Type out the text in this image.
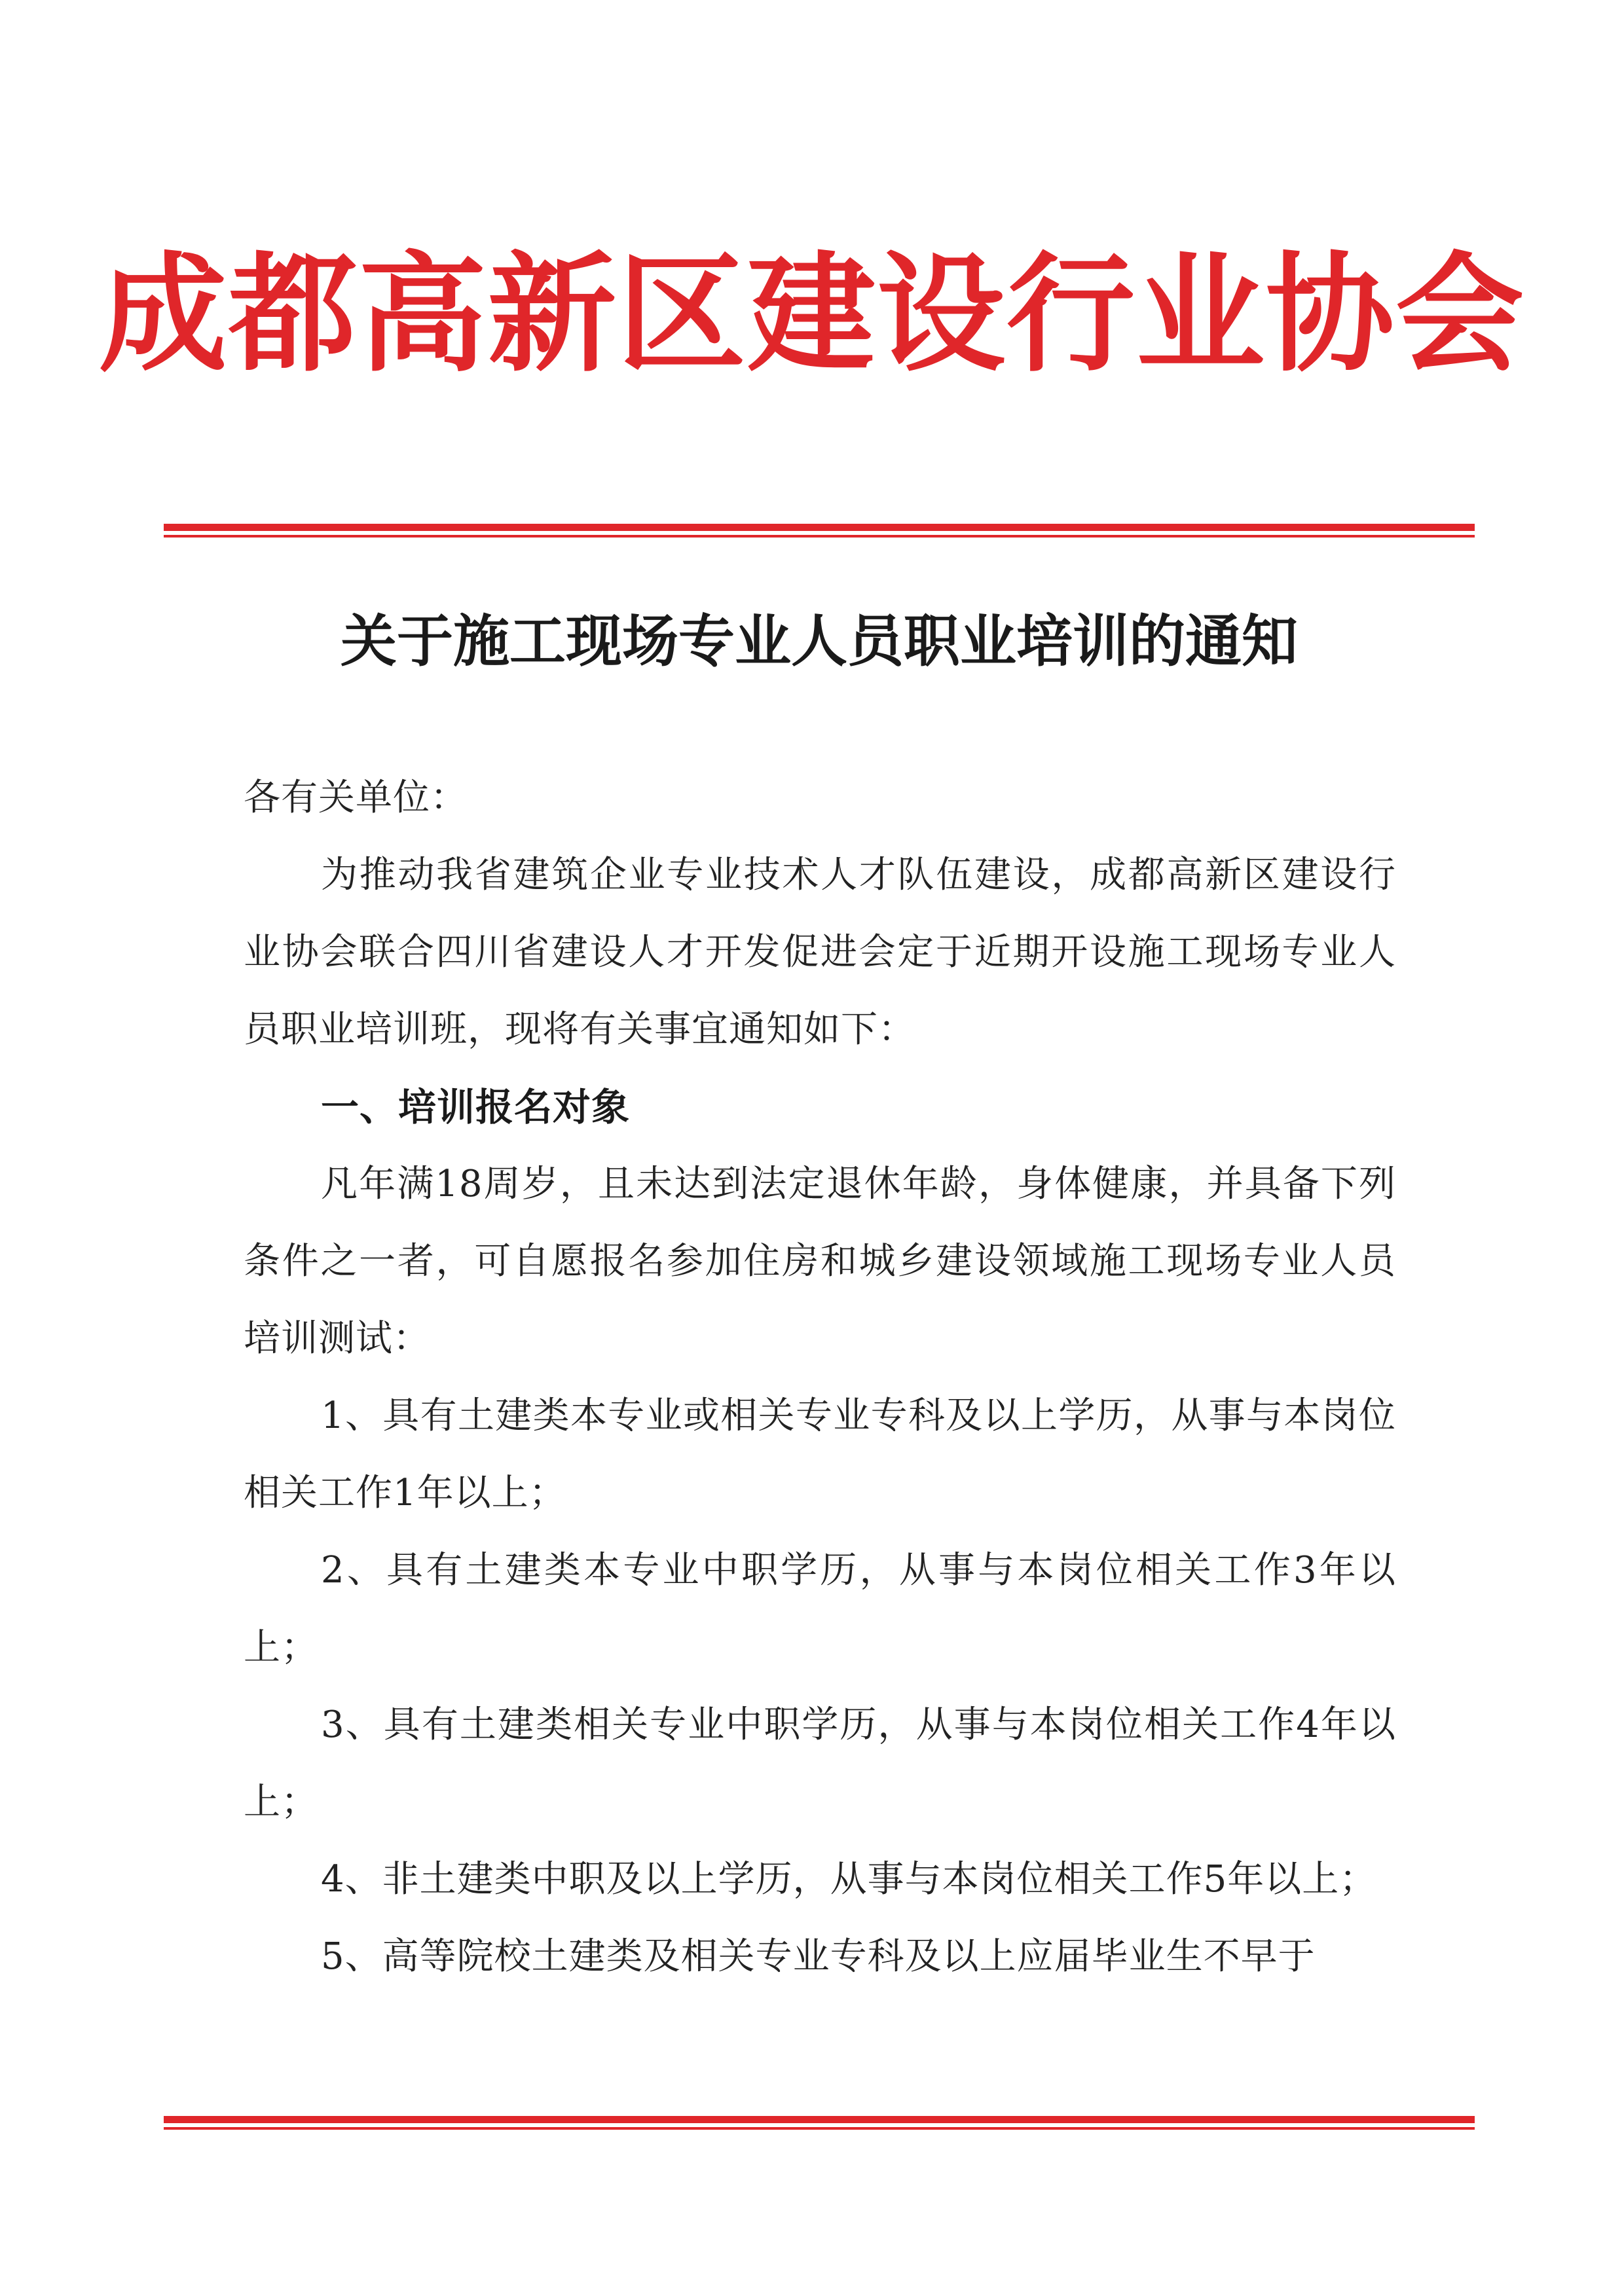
成都高新区建设行业协会
关于施工现场专业人员职业培训的通知

各有关单位：

为推动我省建筑企业专业技术人才队伍建设，成都高新区建设行业协会联合四川省建设人才开发促进会定于近期开设施工现场专业人员职业培训班，现将有关事宜通知如下：

一、培训报名对象

凡年满18周岁，且未达到法定退休年龄，身体健康，并具备下列条件之一者，可自愿报名参加住房和城乡建设领域施工现场专业人员培训测试：

1、具有土建类本专业或相关专业专科及以上学历，从事与本岗位相关工作1年以上；

2、具有土建类本专业中职学历，从事与本岗位相关工作3年以上；

3、具有土建类相关专业中职学历，从事与本岗位相关工作4年以上；

4、非土建类中职及以上学历，从事与本岗位相关工作5年以上；

5、高等院校土建类及相关专业专科及以上应届毕业生不早于
